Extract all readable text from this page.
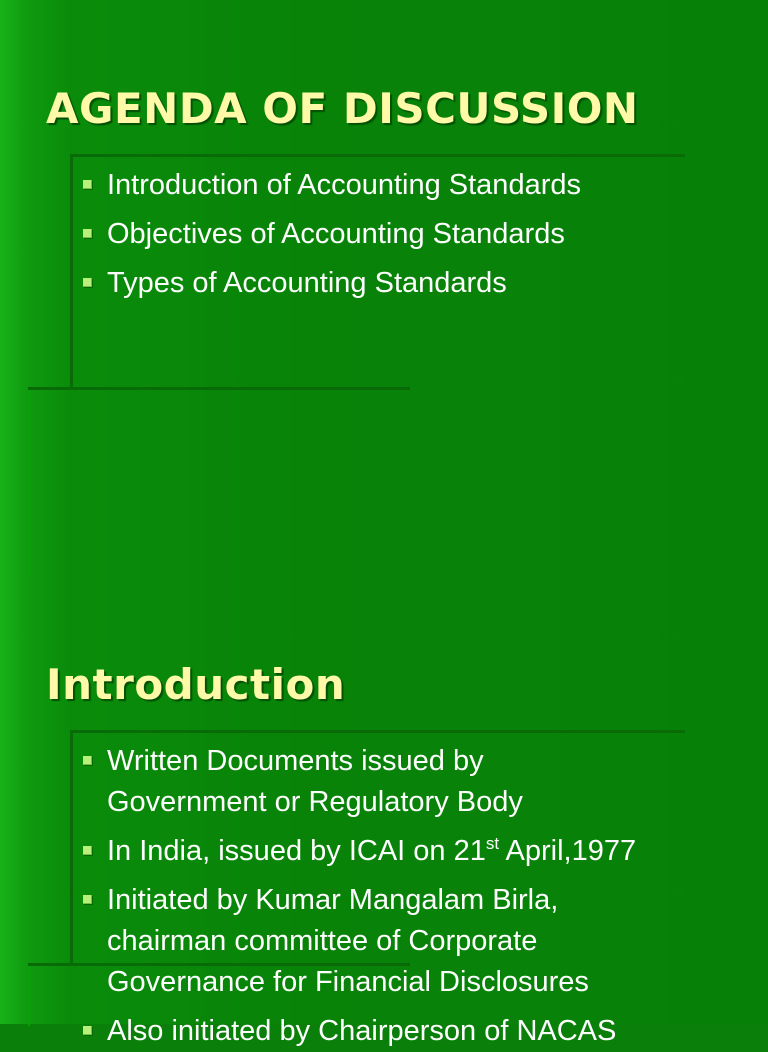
AGENDA OF DISCUSSION
Introduction of Accounting Standards
Objectives of Accounting Standards
Types of Accounting Standards
Introduction
Written Documents issued by
Government or Regulatory Body
In India, issued by ICAI on 21st April,1977
Initiated by Kumar Mangalam Birla,
chairman committee of Corporate
Governance for Financial Disclosures
Also initiated by Chairperson of NACAS
